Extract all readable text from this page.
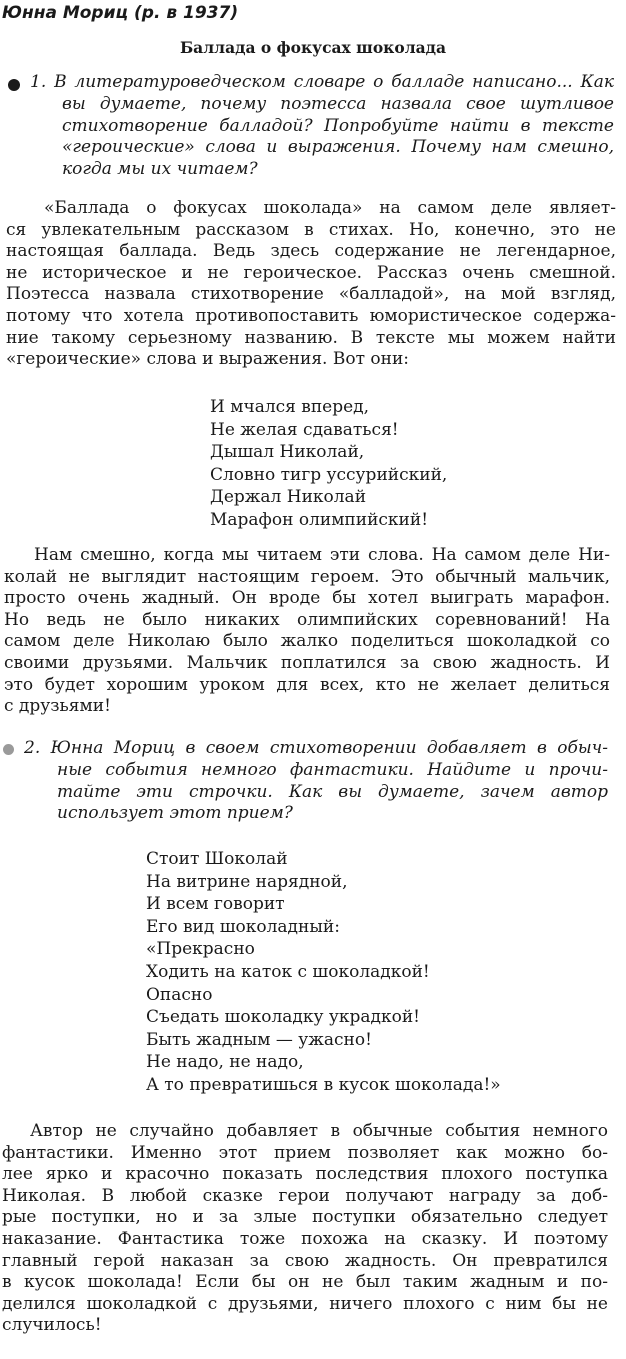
Юнна Мориц (р. в 1937)
Баллада о фокусах шоколада
1. В литературоведческом словаре о балладе написано... Как
вы думаете, почему поэтесса назвала свое шутливое
стихотворение балладой? Попробуйте найти в тексте
«героические» слова и выражения. Почему нам смешно,
когда мы их читаем?
«Баллада о фокусах шоколада» на самом деле являет-
ся увлекательным рассказом в стихах. Но, конечно, это не
настоящая баллада. Ведь здесь содержание не легендарное,
не историческое и не героическое. Рассказ очень смешной.
Поэтесса назвала стихотворение «балладой», на мой взгляд,
потому что хотела противопоставить юмористическое содержа-
ние такому серьезному названию. В тексте мы можем найти
«героические» слова и выражения. Вот они:
И мчался вперед,
Не желая сдаваться!
Дышал Николай,
Словно тигр уссурийский,
Держал Николай
Марафон олимпийский!
Нам смешно, когда мы читаем эти слова. На самом деле Ни-
колай не выглядит настоящим героем. Это обычный мальчик,
просто очень жадный. Он вроде бы хотел выиграть марафон.
Но ведь не было никаких олимпийских соревнований! На
самом деле Николаю было жалко поделиться шоколадкой со
своими друзьями. Мальчик поплатился за свою жадность. И
это будет хорошим уроком для всех, кто не желает делиться
с друзьями!
2. Юнна Мориц в своем стихотворении добавляет в обыч-
ные события немного фантастики. Найдите и прочи-
тайте эти строчки. Как вы думаете, зачем автор
использует этот прием?
Стоит Шоколай
На витрине нарядной,
И всем говорит
Его вид шоколадный:
«Прекрасно
Ходить на каток с шоколадкой!
Опасно
Съедать шоколадку украдкой!
Быть жадным — ужасно!
Не надо, не надо,
А то превратишься в кусок шоколада!»
Автор не случайно добавляет в обычные события немного
фантастики. Именно этот прием позволяет как можно бо-
лее ярко и красочно показать последствия плохого поступка
Николая. В любой сказке герои получают награду за доб-
рые поступки, но и за злые поступки обязательно следует
наказание. Фантастика тоже похожа на сказку. И поэтому
главный герой наказан за свою жадность. Он превратился
в кусок шоколада! Если бы он не был таким жадным и по-
делился шоколадкой с друзьями, ничего плохого с ним бы не
случилось!
